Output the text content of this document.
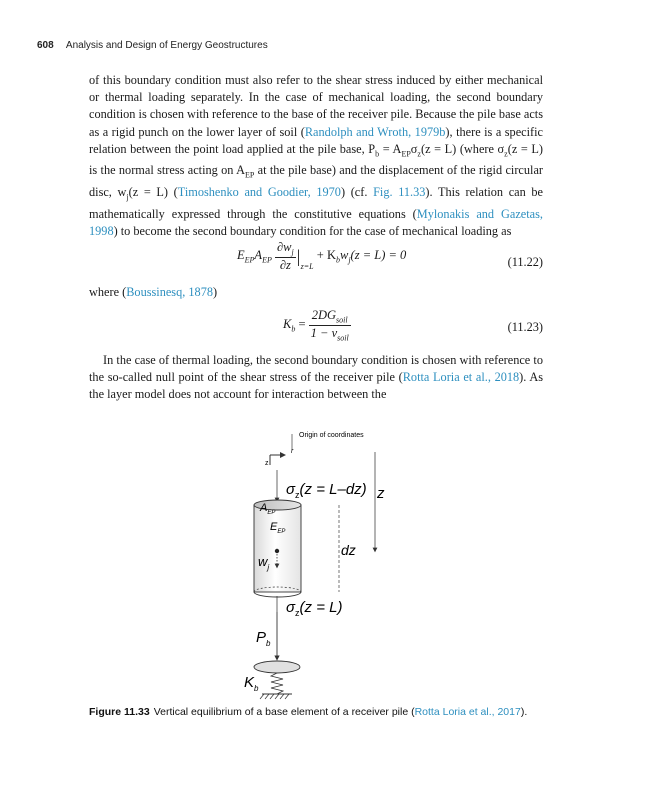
608 Analysis and Design of Energy Geostructures

of this boundary condition must also refer to the shear stress induced by either mechanical or thermal loading separately. In the case of mechanical loading, the second boundary condition is chosen with reference to the base of the receiver pile. Because the pile base acts as a rigid punch on the lower layer of soil (Randolph and Wroth, 1979b), there is a specific relation between the point load applied at the pile base, $P_b = A_{EP}\sigma_z(z = L)$ (where $\sigma_z(z = L)$ is the normal stress acting on $A_{EP}$ at the pile base) and the displacement of the rigid circular disc, $w_j(z = L)$ (Timoshenko and Goodier, 1970) (cf. Fig. 11.33). This relation can be mathematically expressed through the constitutive equations (Mylonakis and Gazetas, 1998) to become the second boundary condition for the case of mechanical loading as

$E_{EP}A_{EP} \frac{\partial w_j}{\partial z} |_{z=L} + K_bw_j(z = L) = 0$	(11.22)
where (Boussinesq, 1878)
$K_b = \frac{2DG_{soil}}{1 - \nu_{soil}}$	(11.23)

In the case of thermal loading, the second boundary condition is chosen with reference to the so-called null point of the shear stress of the receiver pile (Rotta Loria et al., 2018). As the layer model does not account for interaction between the

Origin of coordinates
r
z
z
$\sigma_z(z = L-dz)$
$A_{EP}$
$E_{EP}$
$w_j$
dz
$\sigma_z(z = L)$
$P_b$
$K_b$
Figure 11.33 Vertical equilibrium of a base element of a receiver pile (Rotta Loria et al., 2017).
